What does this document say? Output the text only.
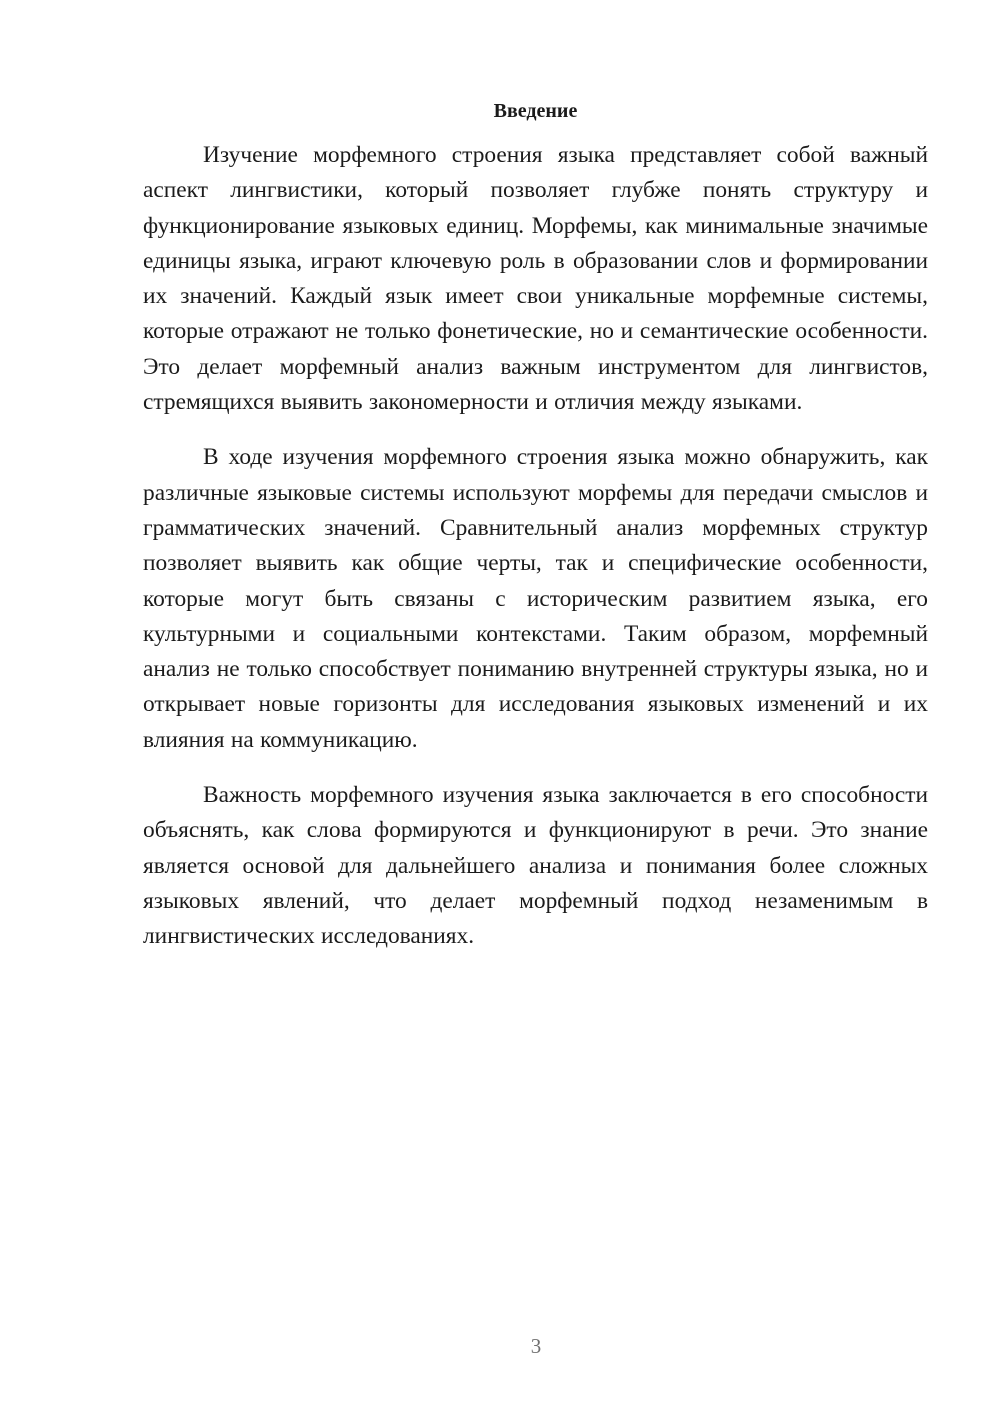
Введение

Изучение морфемного строения языка представляет собой важный аспект лингвистики, который позволяет глубже понять структуру и функционирование языковых единиц. Морфемы, как минимальные значимые единицы языка, играют ключевую роль в образовании слов и формировании их значений. Каждый язык имеет свои уникальные морфемные системы, которые отражают не только фонетические, но и семантические особенности. Это делает морфемный анализ важным инструментом для лингвистов, стремящихся выявить закономерности и отличия между языками.

В ходе изучения морфемного строения языка можно обнаружить, как различные языковые системы используют морфемы для передачи смыслов и грамматических значений. Сравнительный анализ морфемных структур позволяет выявить как общие черты, так и специфические особенности, которые могут быть связаны с историческим развитием языка, его культурными и социальными контекстами. Таким образом, морфемный анализ не только способствует пониманию внутренней структуры языка, но и открывает новые горизонты для исследования языковых изменений и их влияния на коммуникацию.

Важность морфемного изучения языка заключается в его способности объяснять, как слова формируются и функционируют в речи. Это знание является основой для дальнейшего анализа и понимания более сложных языковых явлений, что делает морфемный подход незаменимым в лингвистических исследованиях.

3
